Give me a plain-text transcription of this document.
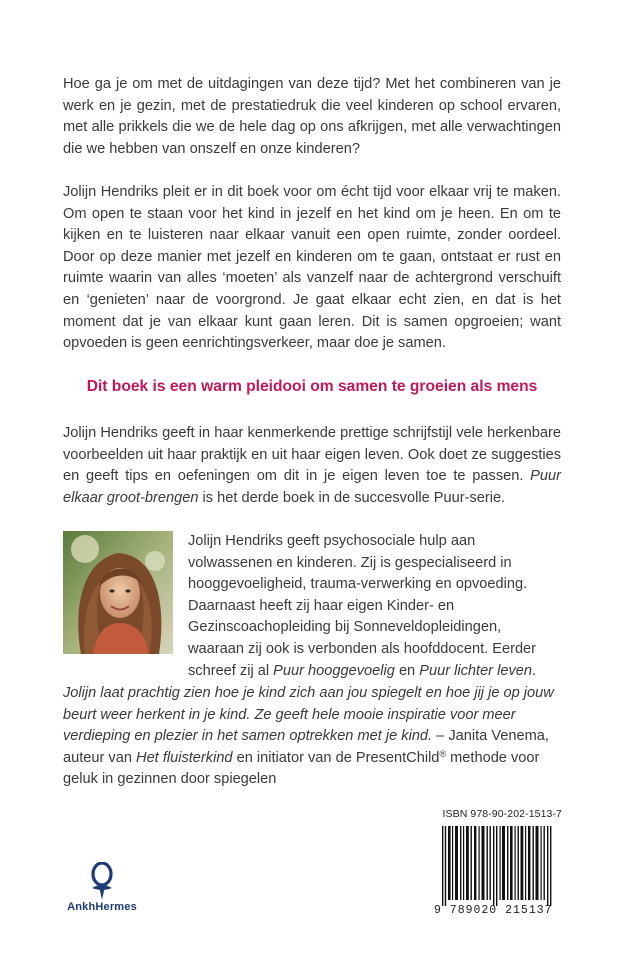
Hoe ga je om met de uitdagingen van deze tijd? Met het combineren van je werk en je gezin, met de prestatiedruk die veel kinderen op school ervaren, met alle prikkels die we de hele dag op ons afkrijgen, met alle verwachtingen die we hebben van onszelf en onze kinderen?

Jolijn Hendriks pleit er in dit boek voor om écht tijd voor elkaar vrij te maken. Om open te staan voor het kind in jezelf en het kind om je heen. En om te kijken en te luisteren naar elkaar vanuit een open ruimte, zonder oordeel. Door op deze manier met jezelf en kinderen om te gaan, ontstaat er rust en ruimte waarin van alles ‘moeten’ als vanzelf naar de achtergrond verschuift en ‘genieten’ naar de voorgrond. Je gaat elkaar echt zien, en dat is het moment dat je van elkaar kunt gaan leren. Dit is samen opgroeien; want opvoeden is geen eenrichtingsverkeer, maar doe je samen.

Dit boek is een warm pleidooi om samen te groeien als mens

Jolijn Hendriks geeft in haar kenmerkende prettige schrijfstijl vele herkenbare voorbeelden uit haar praktijk en uit haar eigen leven. Ook doet ze suggesties en geeft tips en oefeningen om dit in je eigen leven toe te passen. Puur elkaar groot-brengen is het derde boek in de succesvolle Puur-serie.

Jolijn Hendriks geeft psychosociale hulp aan volwassenen en kinderen. Zij is gespecialiseerd in hooggevoeligheid, trauma-verwerking en opvoeding. Daarnaast heeft zij haar eigen Kinder- en Gezinscoachopleiding bij Sonneveldopleidingen, waaraan zij ook is verbonden als hoofddocent. Eerder schreef zij al Puur hooggevoelig en Puur lichter leven.

Jolijn laat prachtig zien hoe je kind zich aan jou spiegelt en hoe jij je op jouw beurt weer herkent in je kind. Ze geeft hele mooie inspiratie voor meer verdieping en plezier in het samen optrekken met je kind. – Janita Venema, auteur van Het fluisterkind en initiator van de PresentChild® methode voor geluk in gezinnen door spiegelen

AnkhHermes
ISBN 978-90-202-1513-7
9 789020 215137
